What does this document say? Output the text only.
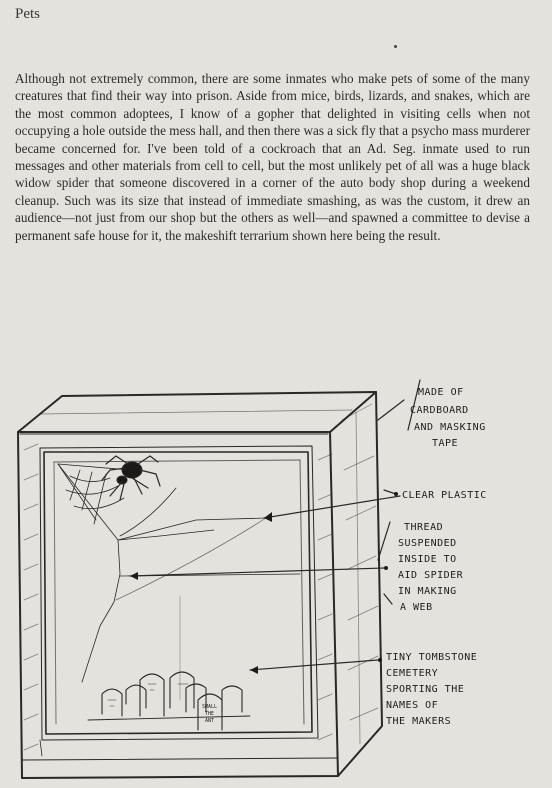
Pets

Although not extremely common, there are some inmates who make pets of some of the many creatures that find their way into prison. Aside from mice, birds, lizards, and snakes, which are the most common adoptees, I know of a gopher that delighted in visiting cells when not occupying a hole outside the mess hall, and then there was a sick fly that a psycho mass murderer became concerned for. I've been told of a cockroach that an Ad. Seg. inmate used to run messages and other materials from cell to cell, but the most unlikely pet of all was a huge black widow spider that someone discovered in a corner of the auto body shop during a weekend cleanup. Such was its size that instead of immediate smashing, as was the custom, it drew an audience—not just from our shop but the others as well—and spawned a committee to devise a permanent safe house for it, the makeshift terrarium shown here being the result.

MADE OF
CARDBOARD
AND MASKING
TAPE
CLEAR PLASTIC
THREAD
SUSPENDED
INSIDE TO
AID SPIDER
IN MAKING
A WEB
TINY TOMBSTONE
CEMETERY
SPORTING THE
NAMES OF
THE MAKERS
SMALL
THE
ANT
